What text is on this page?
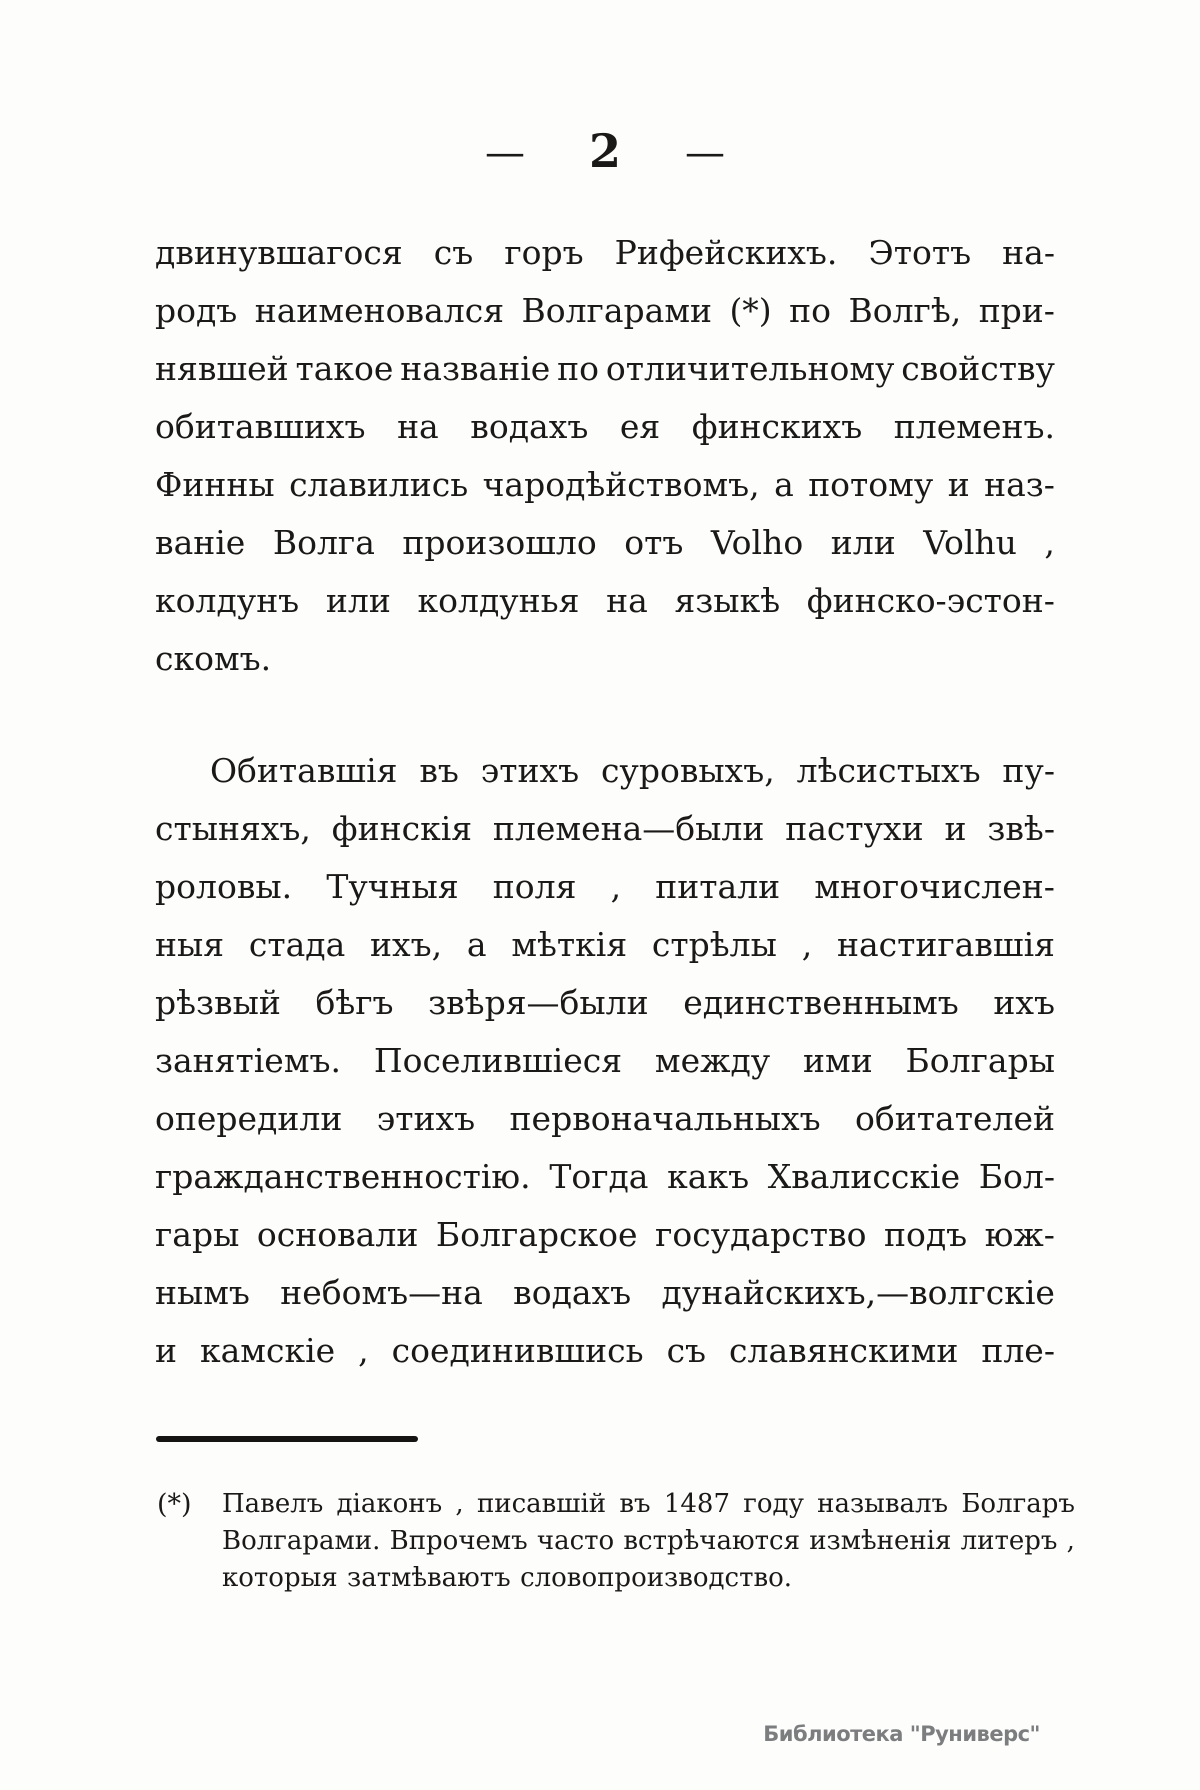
— 2 —
двинувшагося съ горъ Рифейскихъ. Этотъ на-
родъ наименовался Волгарами (*) по Волгѣ, при-
нявшей такое названіе по отличительному свойству
обитавшихъ на водахъ ея финскихъ племенъ.
Финны славились чародѣйствомъ, а потому и наз-
ваніе Волга произошло отъ Volho или Volhu ,
колдунъ или колдунья на языкѣ финско-эстон-
скомъ.
Обитавшія въ этихъ суровыхъ, лѣсистыхъ пу-
стыняхъ, финскія племена—были пастухи и звѣ-
роловы. Тучныя поля , питали многочислен-
ныя стада ихъ, а мѣткія стрѣлы , настигавшія
рѣзвый бѣгъ звѣря—были единственнымъ ихъ
занятіемъ. Поселившіеся между ими Болгары
опередили этихъ первоначальныхъ обитателей
гражданственностію. Тогда какъ Хвалисскіе Бол-
гары основали Болгарское государство подъ юж-
нымъ небомъ—на водахъ дунайскихъ,—волгскіе
и камскіе , соединившись съ славянскими пле-
(*) Павелъ діаконъ , писавшій въ 1487 году называлъ Болгаръ
Волгарами. Впрочемъ часто встрѣчаются измѣненія литеръ ,
которыя затмѣваютъ словопроизводство.
Библиотека "Руниверс"
